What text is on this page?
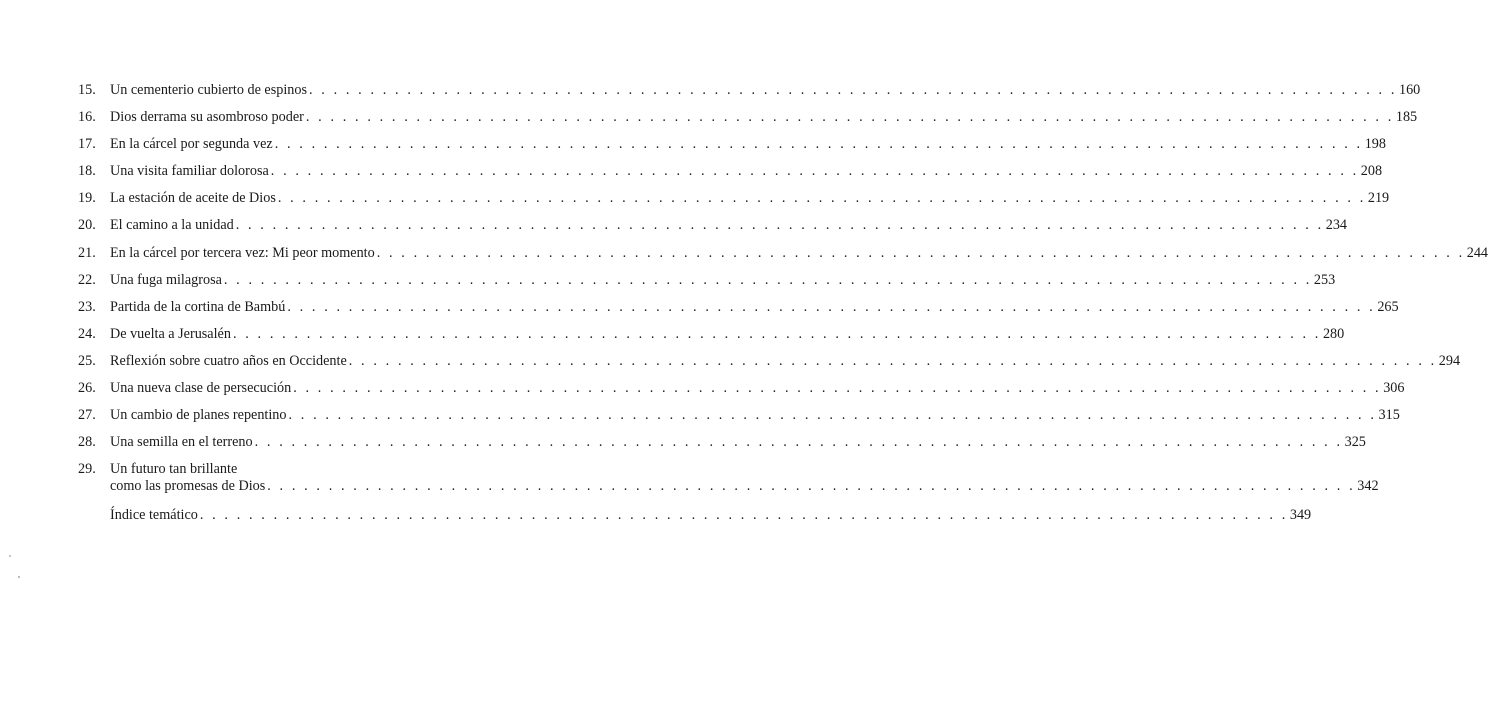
15.	Un cementerio cubierto de espinos . . .	160
16.	Dios derrama su asombroso poder . . .	185
17.	En la cárcel por segunda vez . . .	198
18.	Una visita familiar dolorosa . . .	208
19.	La estación de aceite de Dios . . .	219
20.	El camino a la unidad . . .	234
21.	En la cárcel por tercera vez: Mi peor momento . . .	244
22.	Una fuga milagrosa . . .	253
23.	Partida de la cortina de Bambú . . .	265
24.	De vuelta a Jerusalén . . .	280
25.	Reflexión sobre cuatro años en Occidente . . .	294
26.	Una nueva clase de persecución . . .	306
27.	Un cambio de planes repentino . . .	315
28.	Una semilla en el terreno . . .	325
29.	Un futuro tan brillante
como las promesas de Dios . . .	342
Índice temático . . .	349
